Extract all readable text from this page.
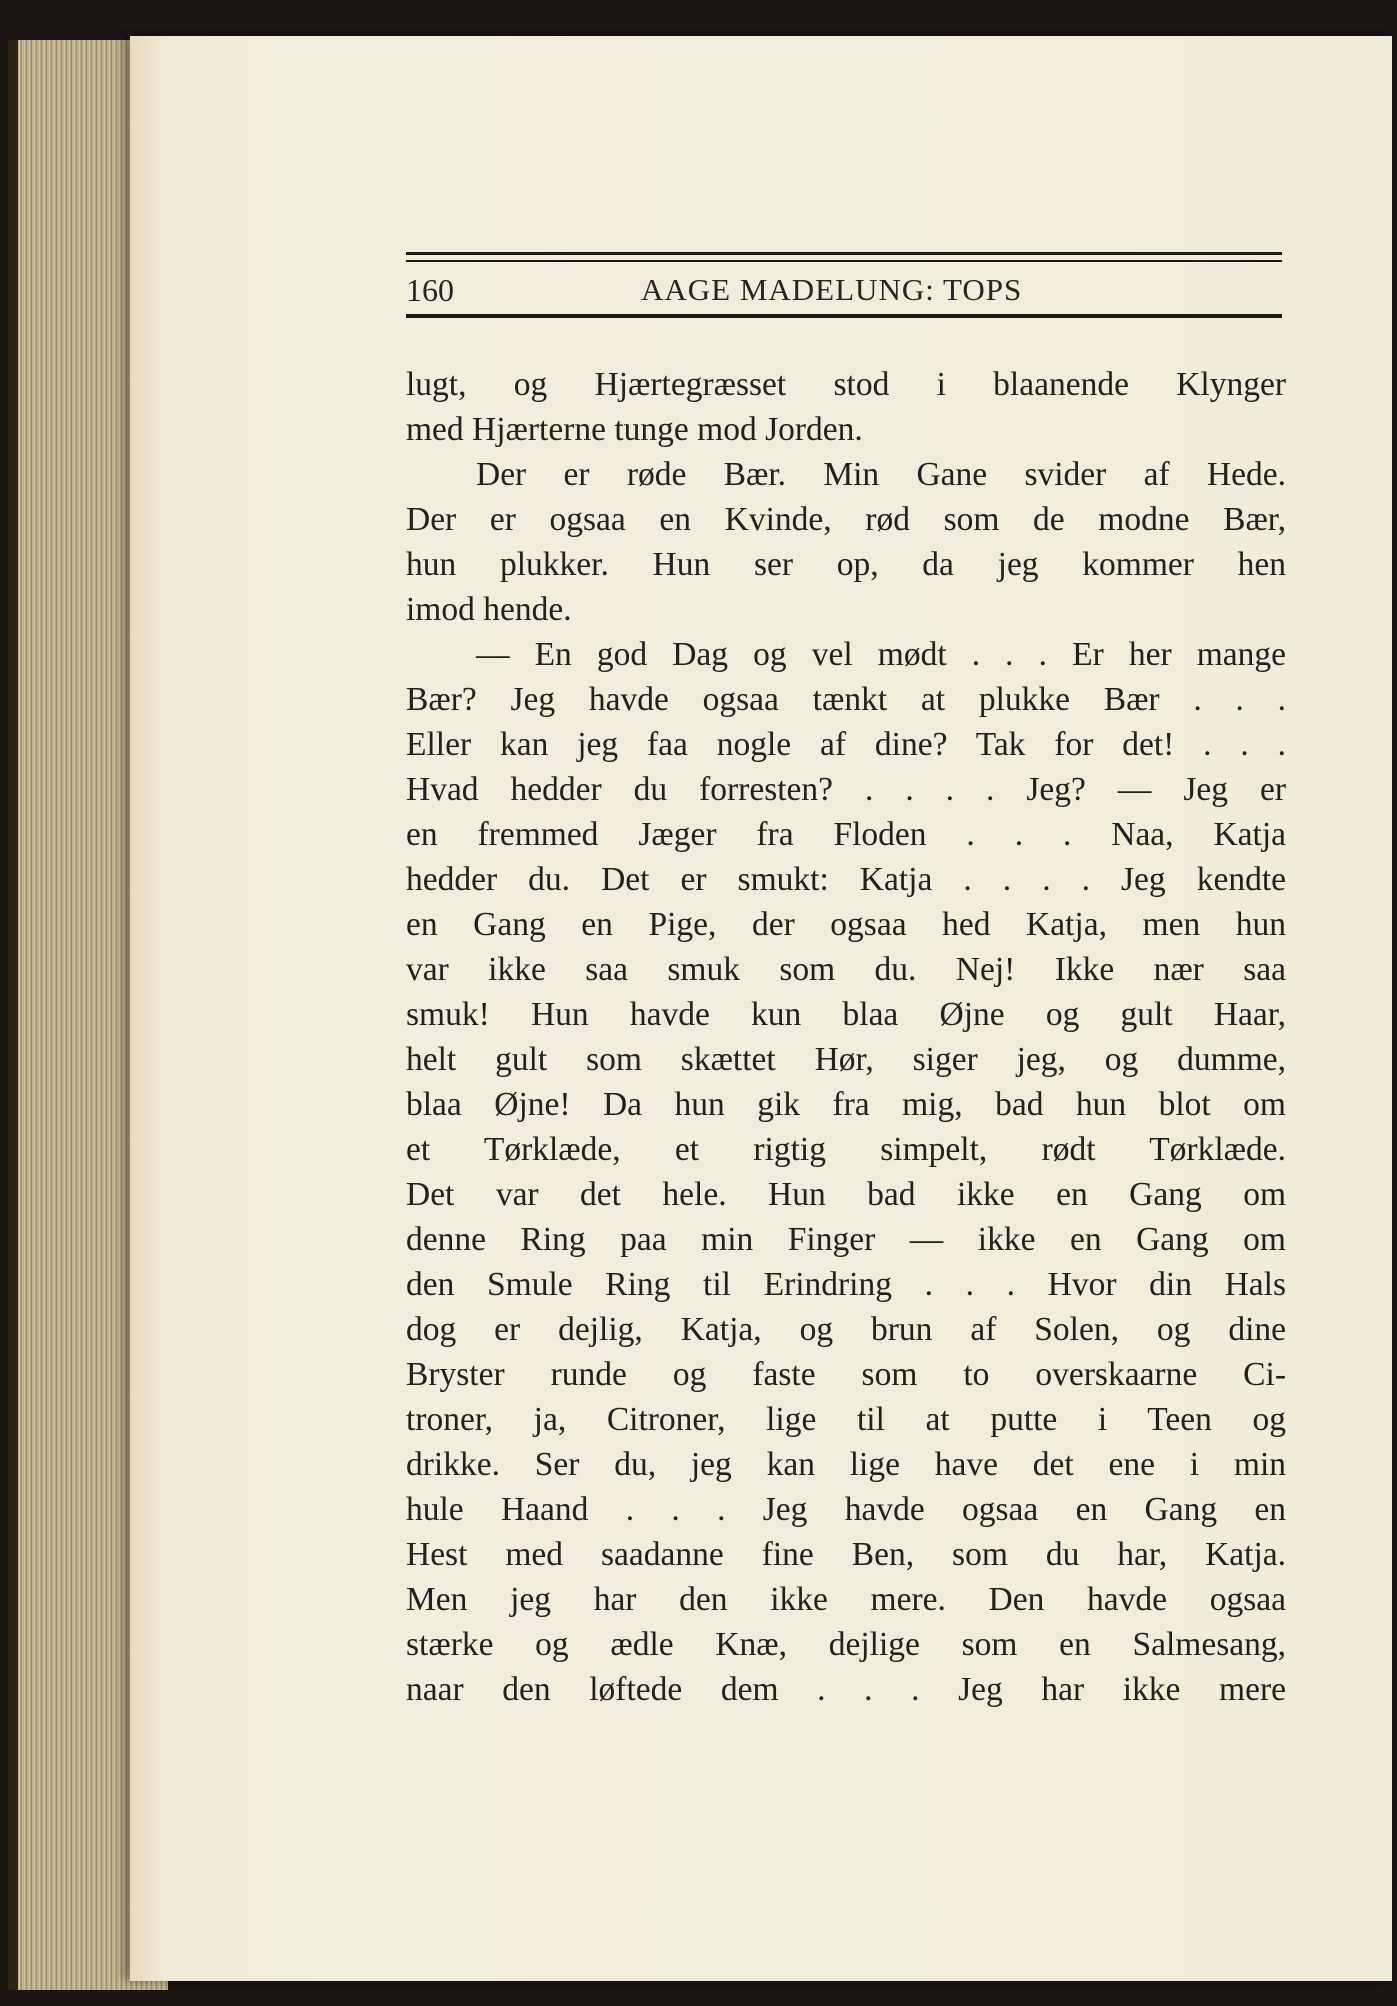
160	AAGE MADELUNG: TOPS
lugt, og Hjærtegræsset stod i blaanende Klynger
med Hjærterne tunge mod Jorden.
Der er røde Bær. Min Gane svider af Hede.
Der er ogsaa en Kvinde, rød som de modne Bær,
hun plukker. Hun ser op, da jeg kommer hen
imod hende.
— En god Dag og vel mødt . . . Er her mange
Bær? Jeg havde ogsaa tænkt at plukke Bær . . .
Eller kan jeg faa nogle af dine? Tak for det! . . .
Hvad hedder du forresten? . . . . Jeg? — Jeg er
en fremmed Jæger fra Floden . . . Naa, Katja
hedder du. Det er smukt: Katja . . . . Jeg kendte
en Gang en Pige, der ogsaa hed Katja, men hun
var ikke saa smuk som du. Nej! Ikke nær saa
smuk! Hun havde kun blaa Øjne og gult Haar,
helt gult som skættet Hør, siger jeg, og dumme,
blaa Øjne! Da hun gik fra mig, bad hun blot om
et Tørklæde, et rigtig simpelt, rødt Tørklæde.
Det var det hele. Hun bad ikke en Gang om
denne Ring paa min Finger — ikke en Gang om
den Smule Ring til Erindring . . . Hvor din Hals
dog er dejlig, Katja, og brun af Solen, og dine
Bryster runde og faste som to overskaarne Ci-
troner, ja, Citroner, lige til at putte i Teen og
drikke. Ser du, jeg kan lige have det ene i min
hule Haand . . . Jeg havde ogsaa en Gang en
Hest med saadanne fine Ben, som du har, Katja.
Men jeg har den ikke mere. Den havde ogsaa
stærke og ædle Knæ, dejlige som en Salmesang,
naar den løftede dem . . . Jeg har ikke mere
